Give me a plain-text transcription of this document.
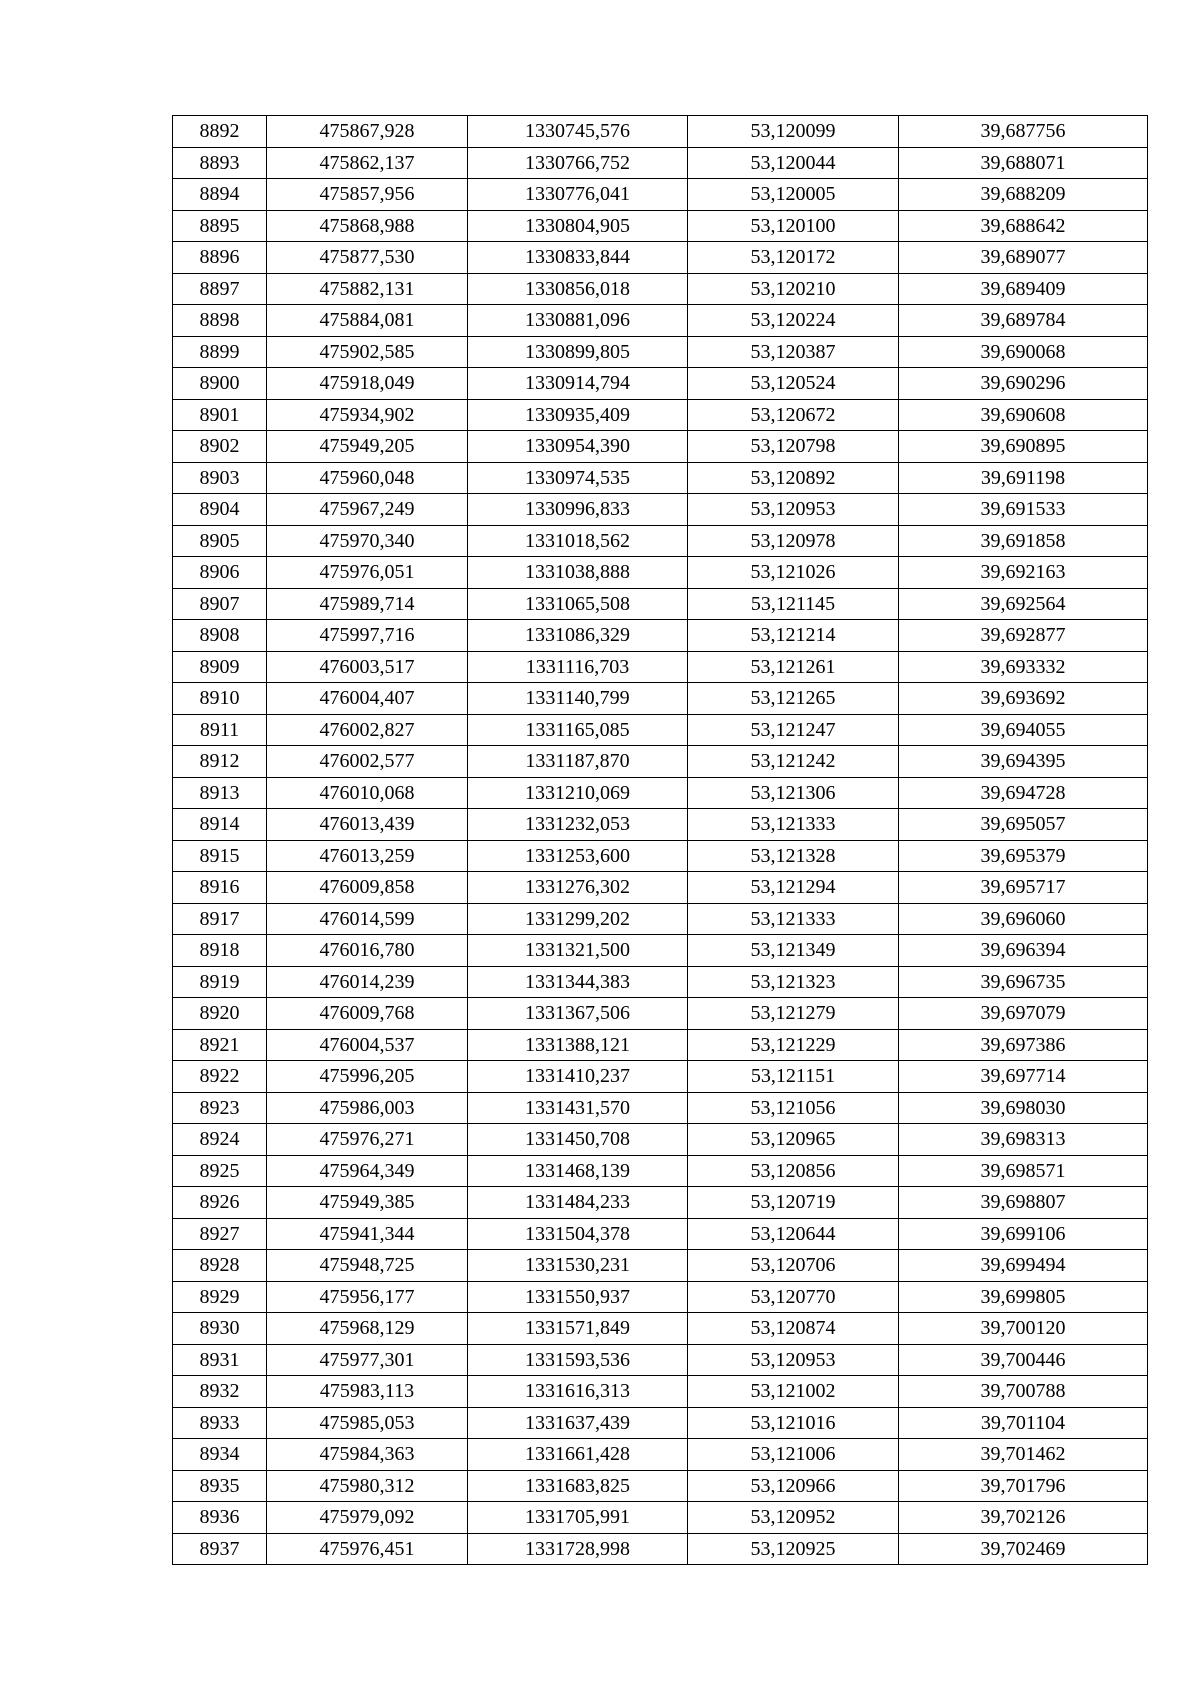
8892	475867,928	1330745,576	53,120099	39,687756
8893	475862,137	1330766,752	53,120044	39,688071
8894	475857,956	1330776,041	53,120005	39,688209
8895	475868,988	1330804,905	53,120100	39,688642
8896	475877,530	1330833,844	53,120172	39,689077
8897	475882,131	1330856,018	53,120210	39,689409
8898	475884,081	1330881,096	53,120224	39,689784
8899	475902,585	1330899,805	53,120387	39,690068
8900	475918,049	1330914,794	53,120524	39,690296
8901	475934,902	1330935,409	53,120672	39,690608
8902	475949,205	1330954,390	53,120798	39,690895
8903	475960,048	1330974,535	53,120892	39,691198
8904	475967,249	1330996,833	53,120953	39,691533
8905	475970,340	1331018,562	53,120978	39,691858
8906	475976,051	1331038,888	53,121026	39,692163
8907	475989,714	1331065,508	53,121145	39,692564
8908	475997,716	1331086,329	53,121214	39,692877
8909	476003,517	1331116,703	53,121261	39,693332
8910	476004,407	1331140,799	53,121265	39,693692
8911	476002,827	1331165,085	53,121247	39,694055
8912	476002,577	1331187,870	53,121242	39,694395
8913	476010,068	1331210,069	53,121306	39,694728
8914	476013,439	1331232,053	53,121333	39,695057
8915	476013,259	1331253,600	53,121328	39,695379
8916	476009,858	1331276,302	53,121294	39,695717
8917	476014,599	1331299,202	53,121333	39,696060
8918	476016,780	1331321,500	53,121349	39,696394
8919	476014,239	1331344,383	53,121323	39,696735
8920	476009,768	1331367,506	53,121279	39,697079
8921	476004,537	1331388,121	53,121229	39,697386
8922	475996,205	1331410,237	53,121151	39,697714
8923	475986,003	1331431,570	53,121056	39,698030
8924	475976,271	1331450,708	53,120965	39,698313
8925	475964,349	1331468,139	53,120856	39,698571
8926	475949,385	1331484,233	53,120719	39,698807
8927	475941,344	1331504,378	53,120644	39,699106
8928	475948,725	1331530,231	53,120706	39,699494
8929	475956,177	1331550,937	53,120770	39,699805
8930	475968,129	1331571,849	53,120874	39,700120
8931	475977,301	1331593,536	53,120953	39,700446
8932	475983,113	1331616,313	53,121002	39,700788
8933	475985,053	1331637,439	53,121016	39,701104
8934	475984,363	1331661,428	53,121006	39,701462
8935	475980,312	1331683,825	53,120966	39,701796
8936	475979,092	1331705,991	53,120952	39,702126
8937	475976,451	1331728,998	53,120925	39,702469
